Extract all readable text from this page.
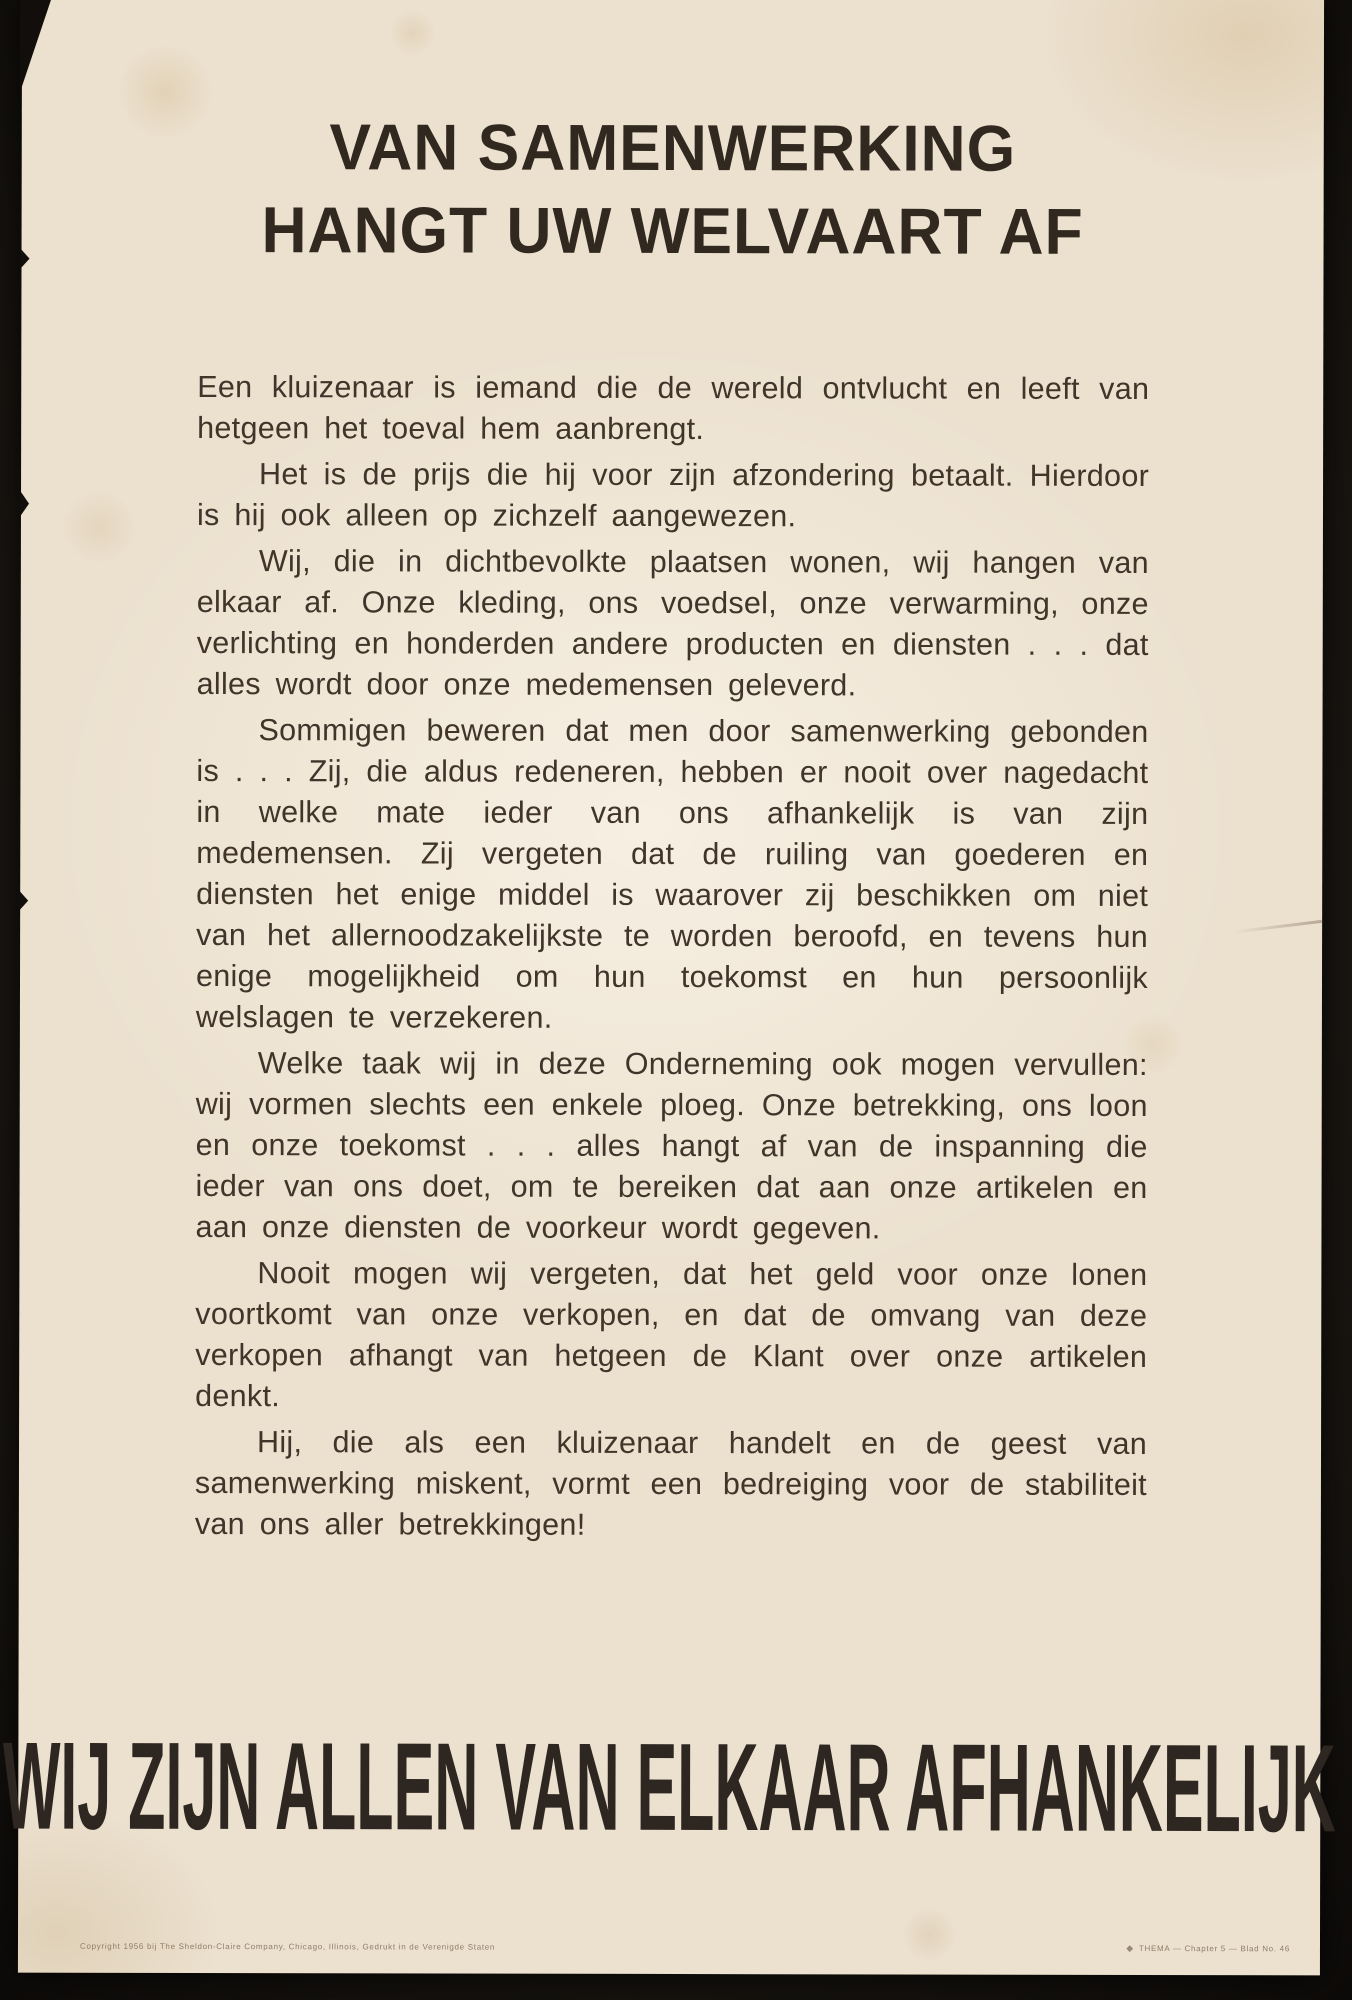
VAN SAMENWERKING
HANGT UW WELVAART AF

Een kluizenaar is iemand die de wereld ontvlucht en leeft van hetgeen het toeval hem aanbrengt.

Het is de prijs die hij voor zijn afzondering betaalt. Hierdoor is hij ook alleen op zichzelf aangewezen.

Wij, die in dichtbevolkte plaatsen wonen, wij hangen van elkaar af. Onze kleding, ons voedsel, onze verwarming, onze verlichting en honderden andere producten en diensten . . . dat alles wordt door onze medemensen geleverd.

Sommigen beweren dat men door samenwerking gebonden is . . . Zij, die aldus redeneren, hebben er nooit over nagedacht in welke mate ieder van ons afhankelijk is van zijn medemensen. Zij vergeten dat de ruiling van goederen en diensten het enige middel is waarover zij beschikken om niet van het allernoodzakelijkste te worden beroofd, en tevens hun enige mogelijkheid om hun toekomst en hun persoonlijk welslagen te verzekeren.

Welke taak wij in deze Onderneming ook mogen vervullen: wij vormen slechts een enkele ploeg. Onze betrekking, ons loon en onze toekomst . . . alles hangt af van de inspanning die ieder van ons doet, om te bereiken dat aan onze artikelen en aan onze diensten de voorkeur wordt gegeven.

Nooit mogen wij vergeten, dat het geld voor onze lonen voortkomt van onze verkopen, en dat de omvang van deze verkopen afhangt van hetgeen de Klant over onze artikelen denkt.

Hij, die als een kluizenaar handelt en de geest van samenwerking miskent, vormt een bedreiging voor de stabiliteit van ons aller betrekkingen!

WIJ ZIJN ALLEN VAN ELKAAR AFHANKELIJK
Copyright 1956 bij The Sheldon-Claire Company, Chicago, Illinois, Gedrukt in de Verenigde Staten	◆ THEMA — Chapter 5 — Blad No. 46
